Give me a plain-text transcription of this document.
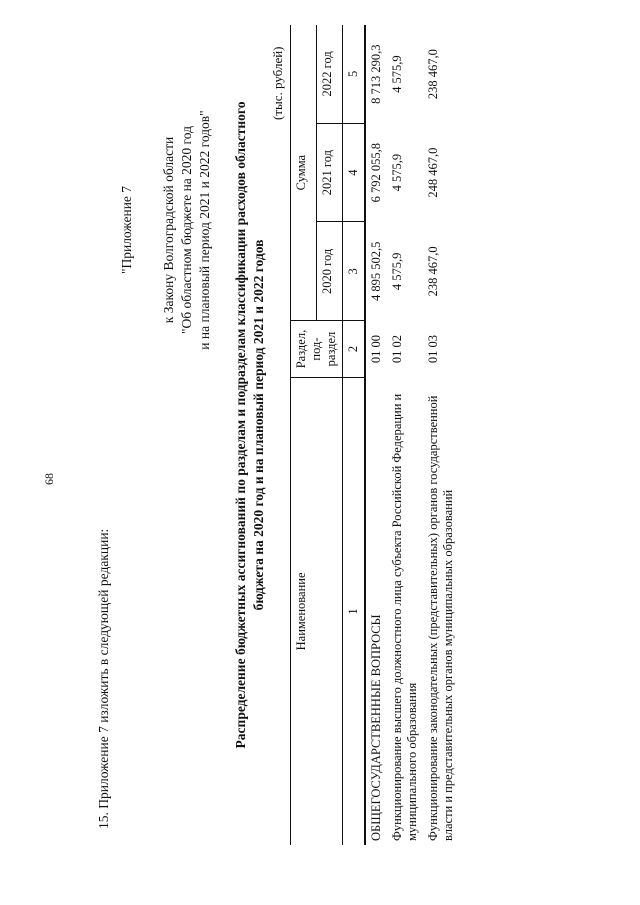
68
15. Приложение 7 изложить в следующей редакции:
"Приложение 7 к Закону Волгоградской области "Об областном бюджете на 2020 год и на плановый период 2021 и 2022 годов" Распределение бюджетных ассигнований по разделам и подразделам классификации расходов областного бюджета на 2020 год и на плановый период 2021 и 2022 годов
(тыс. рублей)
Наименование	Раздел, под- раздел	Сумма		
		2020 год	2021 год	2022 год
1	2	3	4	5
ОБЩЕГОСУДАРСТВЕННЫЕ ВОПРОСЫ	01 00	4 895 502,5	6 792 055,8	8 713 290,3
Функционирование высшего должностного лица субъекта Российской Федерации и муниципального образования	01 02	4 575,9	4 575,9	4 575,9
Функционирование законодательных (представительных) органов государственной власти и представительных органов муниципальных образований	01 03	238 467,0	248 467,0	238 467,0
